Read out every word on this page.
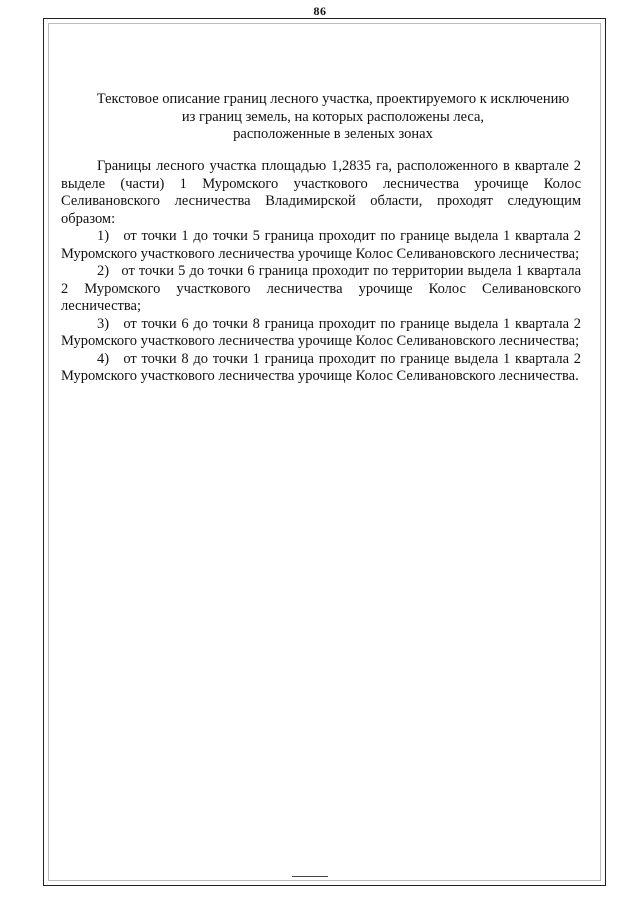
86
Текстовое описание границ лесного участка, проектируемого к исключению
из границ земель, на которых расположены леса,
расположенные в зеленых зонах

Границы лесного участка площадью 1,2835 га, расположенного в квартале 2 выделе (части) 1 Муромского участкового лесничества урочище Колос Селивановского лесничества Владимирской области, проходят следующим образом:

1) от точки 1 до точки 5 граница проходит по границе выдела 1 квартала 2 Муромского участкового лесничества урочище Колос Селивановского лесничества;

2) от точки 5 до точки 6 граница проходит по территории выдела 1 квартала 2 Муромского участкового лесничества урочище Колос Селивановского лесничества;

3) от точки 6 до точки 8 граница проходит по границе выдела 1 квартала 2 Муромского участкового лесничества урочище Колос Селивановского лесничества;

4) от точки 8 до точки 1 граница проходит по границе выдела 1 квартала 2 Муромского участкового лесничества урочище Колос Селивановского лесничества.
